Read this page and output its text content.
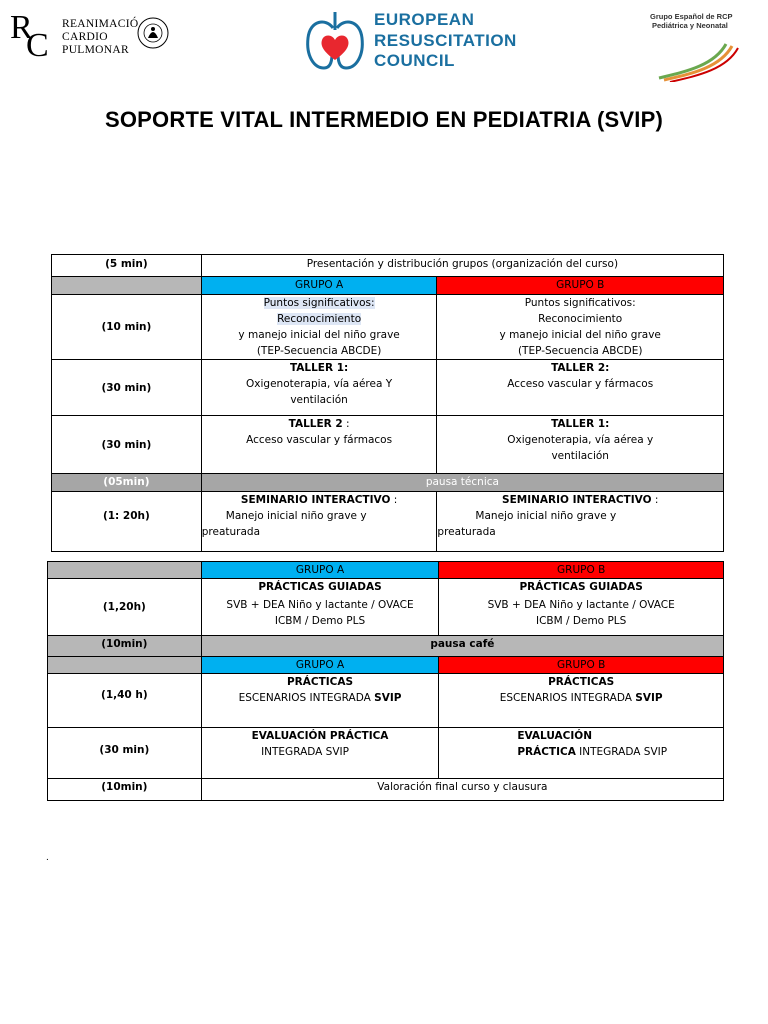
R
C
REANIMACIÓ
CARDIO
PULMONAR
EUROPEAN
RESUSCITATION
COUNCIL
Grupo Español de RCP
Pediátrica y Neonatal
SOPORTE VITAL INTERMEDIO EN PEDIATRIA (SVIP)
(5 min)	Presentación y distribución grupos (organización del curso)	
	GRUPO A	GRUPO B
(10 min)	Puntos significativos:
Reconocimiento
y manejo inicial del niño grave
(TEP-Secuencia ABCDE)	Puntos significativos:
Reconocimiento
y manejo inicial del niño grave
(TEP-Secuencia ABCDE)

(30 min)	TALLER 1:
Oxigenoterapia, vía aérea Y
ventilación	TALLER 2:
Acceso vascular y fármacos

(30 min)	TALLER 2 :
Acceso vascular y fármacos	TALLER 1:
Oxigenoterapia, vía aérea y
ventilación

(05min)	pausa técnica	
(1: 20h)	SEMINARIO INTERACTIVO :
Manejo inicial niño grave y
preaturada	SEMINARIO INTERACTIVO :
Manejo inicial niño grave y
preaturada
	GRUPO A	GRUPO B
(1,20h)	PRÁCTICAS GUIADAS
SVB + DEA Niño y lactante / OVACE
ICBM / Demo PLS	PRÁCTICAS GUIADAS
SVB + DEA Niño y lactante / OVACE
ICBM / Demo PLS

(10min)	pausa café	
	GRUPO A	GRUPO B
(1,40 h)	PRÁCTICAS
ESCENARIOS INTEGRADA SVIP	PRÁCTICAS
ESCENARIOS INTEGRADA SVIP

(30 min)	EVALUACIÓN PRÁCTICA
INTEGRADA SVIP	EVALUACIÓN
PRÁCTICA INTEGRADA SVIP

(10min)	Valoración final curso y clausura	
.
